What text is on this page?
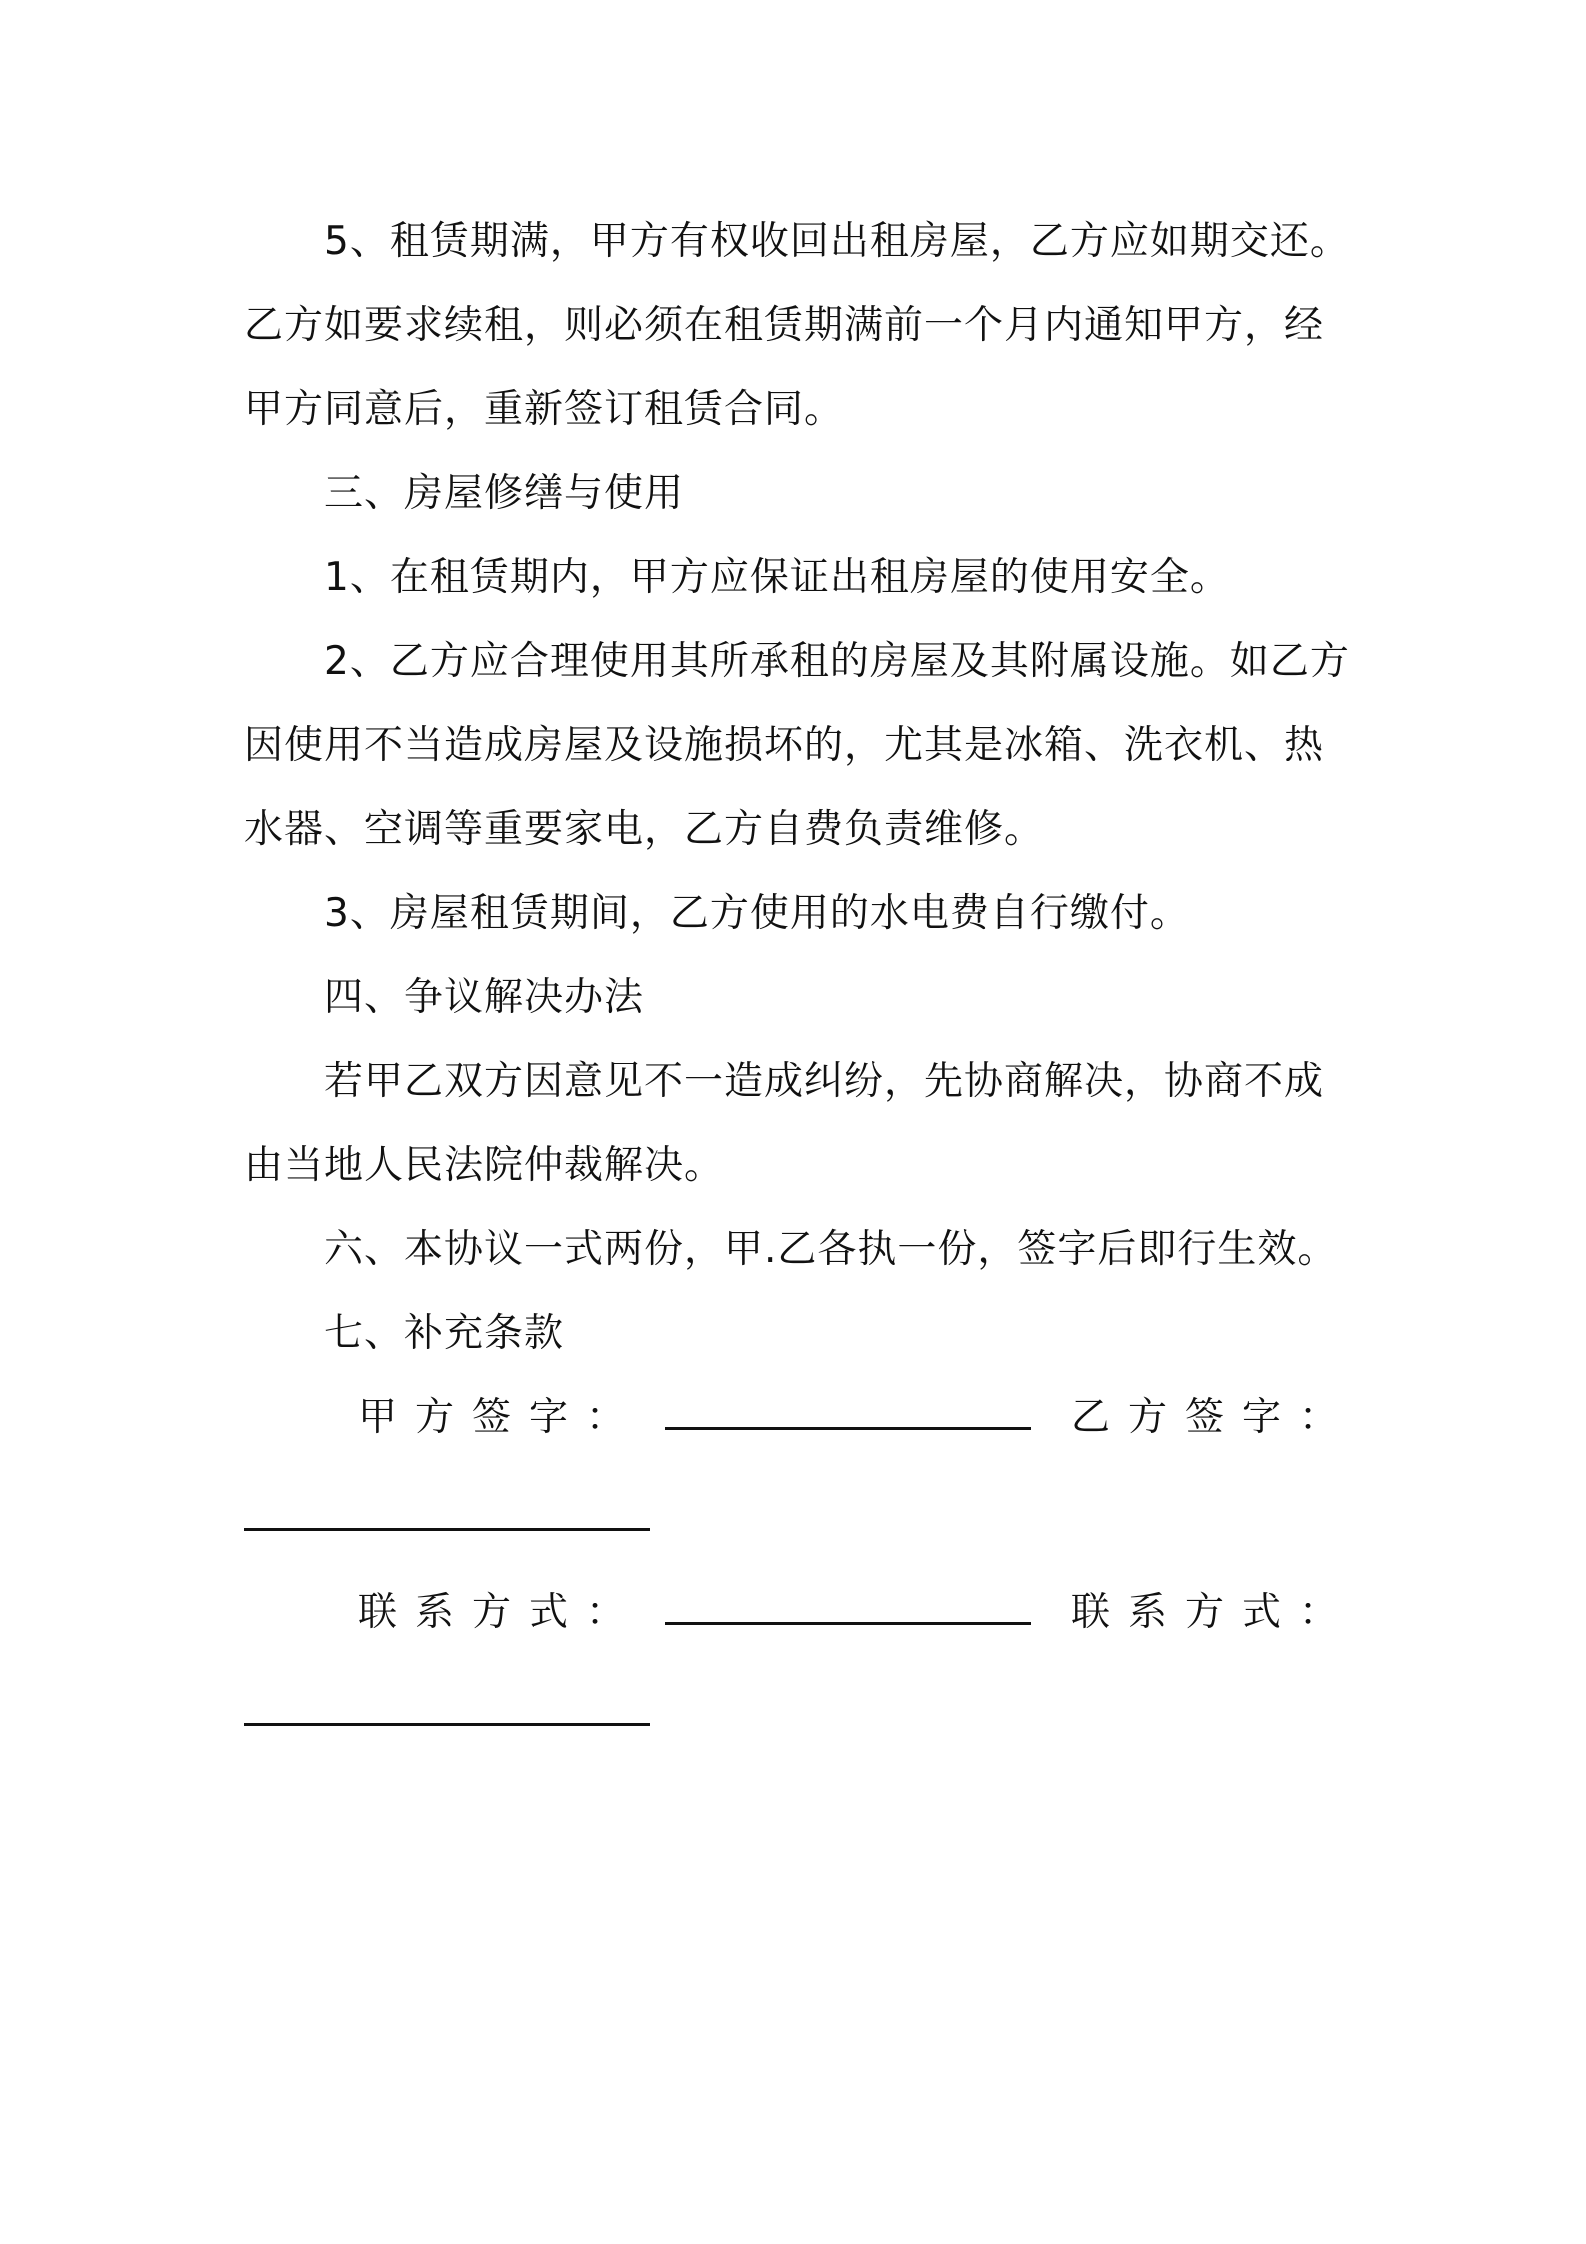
5、租赁期满，甲方有权收回出租房屋，乙方应如期交还。乙方如要求续租，则必须在租赁期满前一个月内通知甲方，经甲方同意后，重新签订租赁合同。

三、房屋修缮与使用

1、在租赁期内，甲方应保证出租房屋的使用安全。

2、乙方应合理使用其所承租的房屋及其附属设施。如乙方因使用不当造成房屋及设施损坏的，尤其是冰箱、洗衣机、热水器、空调等重要家电，乙方自费负责维修。

3、房屋租赁期间，乙方使用的水电费自行缴付。

四、争议解决办法

若甲乙双方因意见不一造成纠纷，先协商解决，协商不成由当地人民法院仲裁解决。

六、本协议一式两份，甲.乙各执一份，签字后即行生效。

七、补充条款

甲方签字：	乙方签字：
联系方式：	联系方式：
